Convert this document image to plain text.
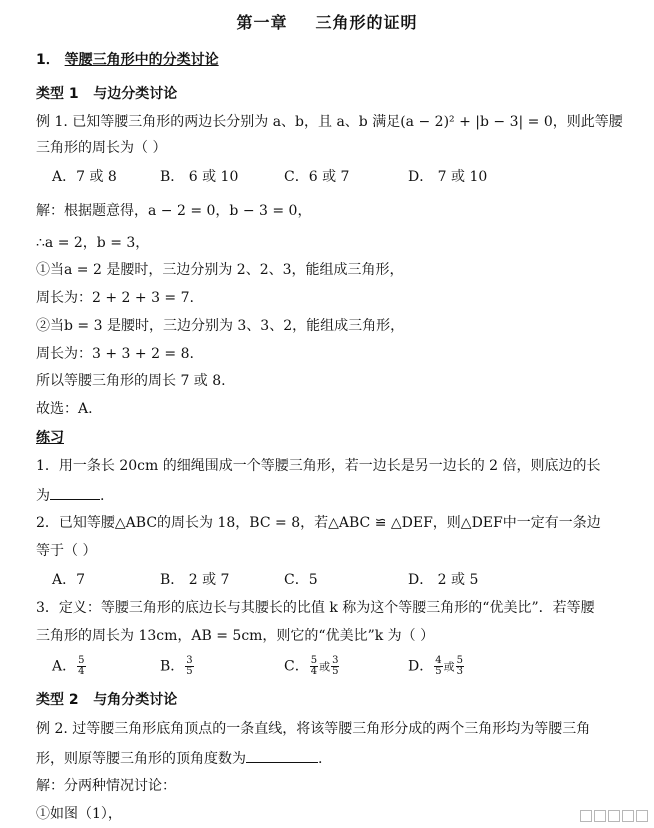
第一章 三角形的证明
1． 等腰三角形中的分类讨论
类型 1 与边分类讨论
例 1. 已知等腰三角形的两边长分别为 a、b，且 a、b 满足(a − 2)² + |b − 3| = 0，则此等腰
三角形的周长为（ ）
A．7 或 8	B． 6 或 10	C．6 或 7	D． 7 或 10
解：根据题意得，a − 2 = 0，b − 3 = 0，
∴a = 2，b = 3，
①当a = 2 是腰时，三边分别为 2、2、3，能组成三角形，
周长为：2 + 2 + 3 = 7.
②当b = 3 是腰时，三边分别为 3、3、2，能组成三角形，
周长为：3 + 3 + 2 = 8.
所以等腰三角形的周长 7 或 8.
故选：A.
练习
1．用一条长 20cm 的细绳围成一个等腰三角形，若一边长是另一边长的 2 倍，则底边的长
为	.
2．已知等腰△ABC的周长为 18，BC = 8，若△ABC ≌ △DEF，则△DEF中一定有一条边
等于（ ）
A．7	B． 2 或 7	C．5	D． 2 或 5
3．定义：等腰三角形的底边长与其腰长的比值 k 称为这个等腰三角形的“优美比”．若等腰
三角形的周长为 13cm，AB = 5cm，则它的“优美比”k 为（ ）
A． $\frac{5}{4}$	B． $\frac{3}{5}$	C． $\frac{5}{4}$ 或 $\frac{3}{5}$	D． $\frac{4}{5}$ 或 $\frac{5}{3}$
类型 2 与角分类讨论
例 2. 过等腰三角形底角顶点的一条直线，将该等腰三角形分成的两个三角形均为等腰三角
形，则原等腰三角形的顶角度数为	.
解：分两种情况讨论：
①如图（1），
